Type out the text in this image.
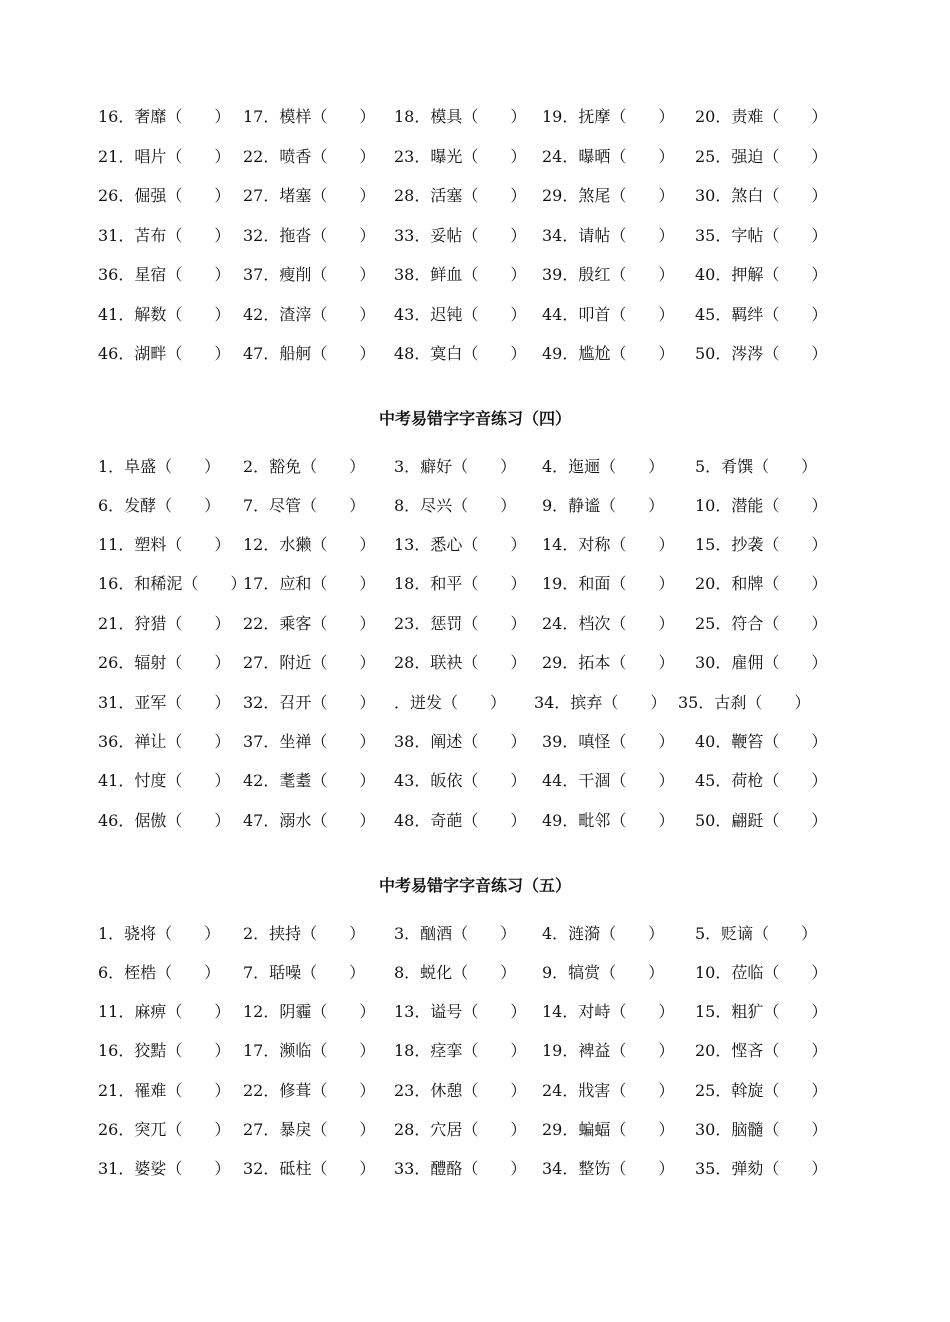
16．奢靡（　　） 17．模样（　　） 18．模具（　　） 19．抚摩（　　） 20．责难（　　）
21．唱片（　　） 22．喷香（　　） 23．曝光（　　） 24．曝晒（　　） 25．强迫（　　）
26．倔强（　　） 27．堵塞（　　） 28．活塞（　　） 29．煞尾（　　） 30．煞白（　　）
31．苫布（　　） 32．拖沓（　　） 33．妥帖（　　） 34．请帖（　　） 35．字帖（　　）
36．星宿（　　） 37．瘦削（　　） 38．鲜血（　　） 39．殷红（　　） 40．押解（　　）
41．解数（　　） 42．渣滓（　　） 43．迟钝（　　） 44．叩首（　　） 45．羁绊（　　）
46．湖畔（　　） 47．船舸（　　） 48．寞白（　　） 49．尴尬（　　） 50．涔涔（　　）
中考易错字字音练习（四）
1．阜盛（　　） 2．豁免（　　） 3．癖好（　　） 4．迤逦（　　） 5．肴馔（　　）
6．发酵（　　） 7．尽管（　　） 8．尽兴（　　） 9．静谧（　　） 10．潜能（　　）
11．塑料（　　） 12．水獭（　　） 13．悉心（　　） 14．对称（　　） 15．抄袭（　　）
16．和稀泥（　　）
17．应和（　　） 18．和平（　　） 19．和面（　　） 20．和牌（　　）
21．狩猎（　　） 22．乘客（　　） 23．惩罚（　　） 24．档次（　　） 25．符合（　　）
26．辐射（　　） 27．附近（　　） 28．联袂（　　） 29．拓本（　　） 30．雇佣（　　）
31．亚军（　　） 32．召开（　　） ．迸发（　　） 34．摈弃（　　） 35．古刹（　　）
36．禅让（　　） 37．坐禅（　　） 38．阐述（　　） 39．嗔怪（　　） 40．鞭笞（　　）
41．忖度（　　） 42．耄耋（　　） 43．皈依（　　） 44．干涸（　　） 45．荷枪（　　）
46．倨傲（　　） 47．溺水（　　） 48．奇葩（　　） 49．毗邻（　　） 50．翩跹（　　）
中考易错字字音练习（五）
1．骁将（　　） 2．挟持（　　） 3．酗酒（　　） 4．涟漪（　　） 5．贬谪（　　）
6．桎梏（　　） 7．聒噪（　　） 8．蜕化（　　） 9．犒赏（　　） 10．莅临（　　）
11．麻痹（　　） 12．阴霾（　　） 13．谥号（　　） 14．对峙（　　） 15．粗犷（　　）
16．狡黠（　　） 17．濒临（　　） 18．痉挛（　　） 19．裨益（　　） 20．悭吝（　　）
21．罹难（　　） 22．修葺（　　） 23．休憩（　　） 24．戕害（　　） 25．斡旋（　　）
26．突兀（　　） 27．暴戾（　　） 28．穴居（　　） 29．蝙蝠（　　） 30．脑髓（　　）
31．婆娑（　　） 32．砥柱（　　） 33．醴酪（　　） 34．整饬（　　） 35．弹劾（　　）
